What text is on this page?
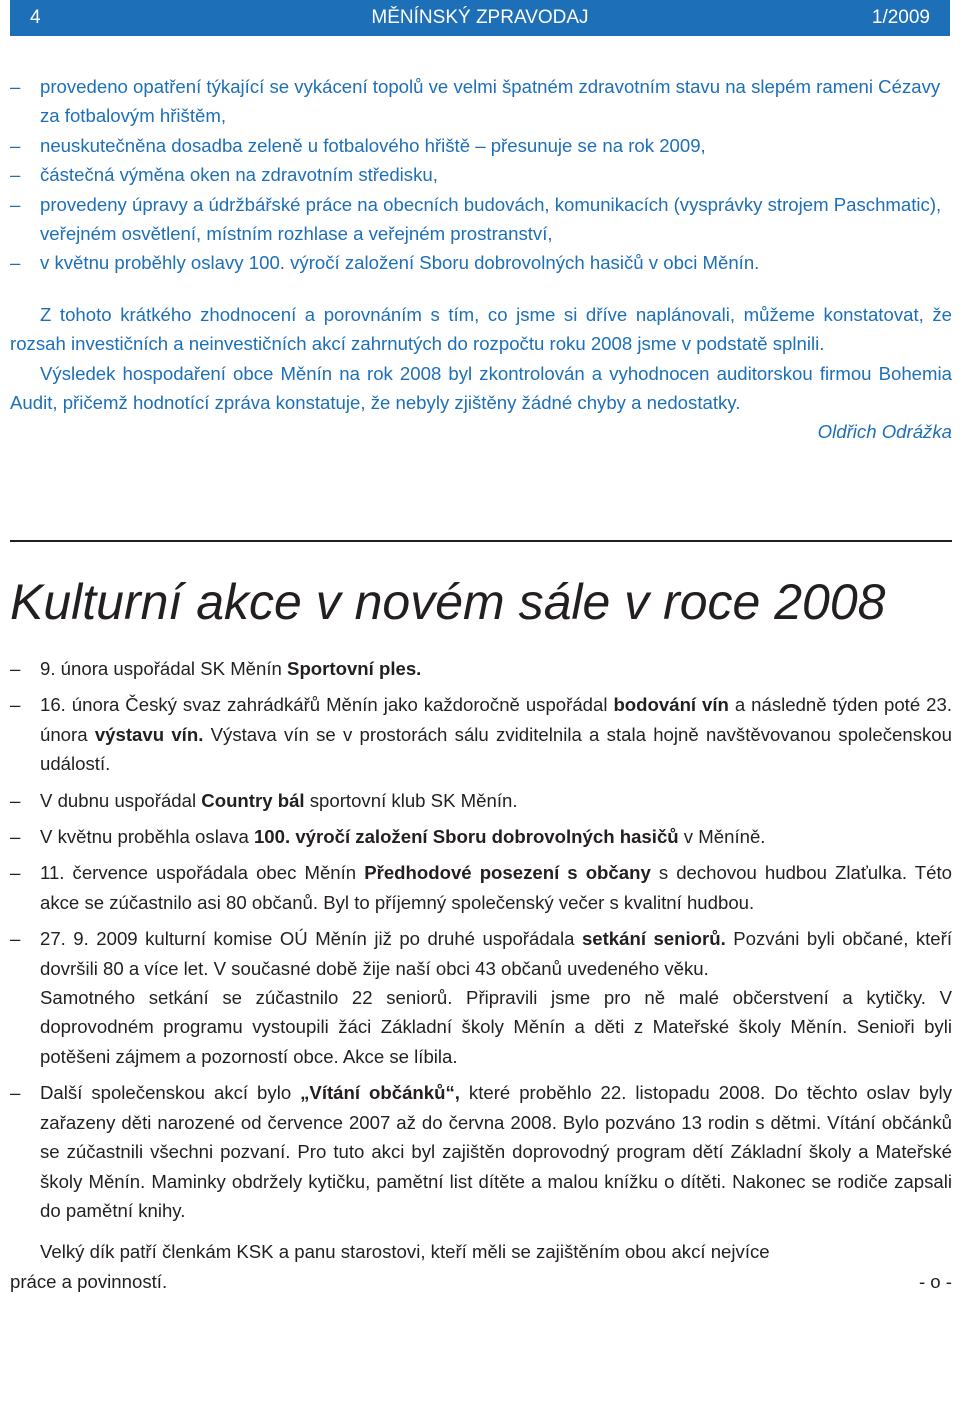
4	MĚNÍNSKÝ ZPRAVODAJ	1/2009
– provedeno opatření týkající se vykácení topolů ve velmi špatném zdravotním stavu na slepém rameni Cézavy za fotbalovým hřištěm,
– neuskutečněna dosadba zeleně u fotbalového hřiště – přesunuje se na rok 2009,
– částečná výměna oken na zdravotním středisku,
– provedeny úpravy a údržbářské práce na obecních budovách, komunikacích (vysprávky strojem Paschmatic), veřejném osvětlení, místním rozhlase a veřejném prostranství,
– v květnu proběhly oslavy 100. výročí založení Sboru dobrovolných hasičů v obci Měnín.

Z tohoto krátkého zhodnocení a porovnáním s tím, co jsme si dříve naplánovali, můžeme konstatovat, že rozsah investičních a neinvestičních akcí zahrnutých do rozpočtu roku 2008 jsme v podstatě splnili.

Výsledek hospodaření obce Měnín na rok 2008 byl zkontrolován a vyhodnocen auditorskou firmou Bohemia Audit, přičemž hodnotící zpráva konstatuje, že nebyly zjištěny žádné chyby a nedostatky.

Oldřich Odrážka

Kulturní akce v novém sále v roce 2008
– 9. února uspořádal SK Měnín Sportovní ples.
– 16. února Český svaz zahrádkářů Měnín jako každoročně uspořádal bodování vín a následně týden poté 23. února výstavu vín. Výstava vín se v prostorách sálu zviditelnila a stala hojně navštěvovanou společenskou událostí.
– V dubnu uspořádal Country bál sportovní klub SK Měnín.
– V květnu proběhla oslava 100. výročí založení Sboru dobrovolných hasičů v Měníně.
– 11. července uspořádala obec Měnín Předhodové posezení s občany s dechovou hudbou Zlaťulka. Této akce se zúčastnilo asi 80 občanů. Byl to příjemný společenský večer s kvalitní hudbou.
– 27. 9. 2009 kulturní komise OÚ Měnín již po druhé uspořádala setkání seniorů. Pozváni byli občané, kteří dovršili 80 a více let. V současné době žije naší obci 43 občanů uvedeného věku.

Samotného setkání se zúčastnilo 22 seniorů. Připravili jsme pro ně malé občerstvení a kytičky. V doprovodném programu vystoupili žáci Základní školy Měnín a děti z Mateřské školy Měnín. Senioři byli potěšeni zájmem a pozorností obce. Akce se líbila.

– Další společenskou akcí bylo „Vítání občánků“, které proběhlo 22. listopadu 2008. Do těchto oslav byly zařazeny děti narozené od července 2007 až do června 2008. Bylo pozváno 13 rodin s dětmi. Vítání občánků se zúčastnili všechni pozvaní. Pro tuto akci byl zajištěn doprovodný program dětí Základní školy a Mateřské školy Měnín. Maminky obdržely kytičku, pamětní list dítěte a malou knížku o dítěti. Nakonec se rodiče zapsali do pamětní knihy.

Velký dík patří členkám KSK a panu starostovi, kteří měli se zajištěním obou akcí nejvíce

práce a povinností.	- o -
